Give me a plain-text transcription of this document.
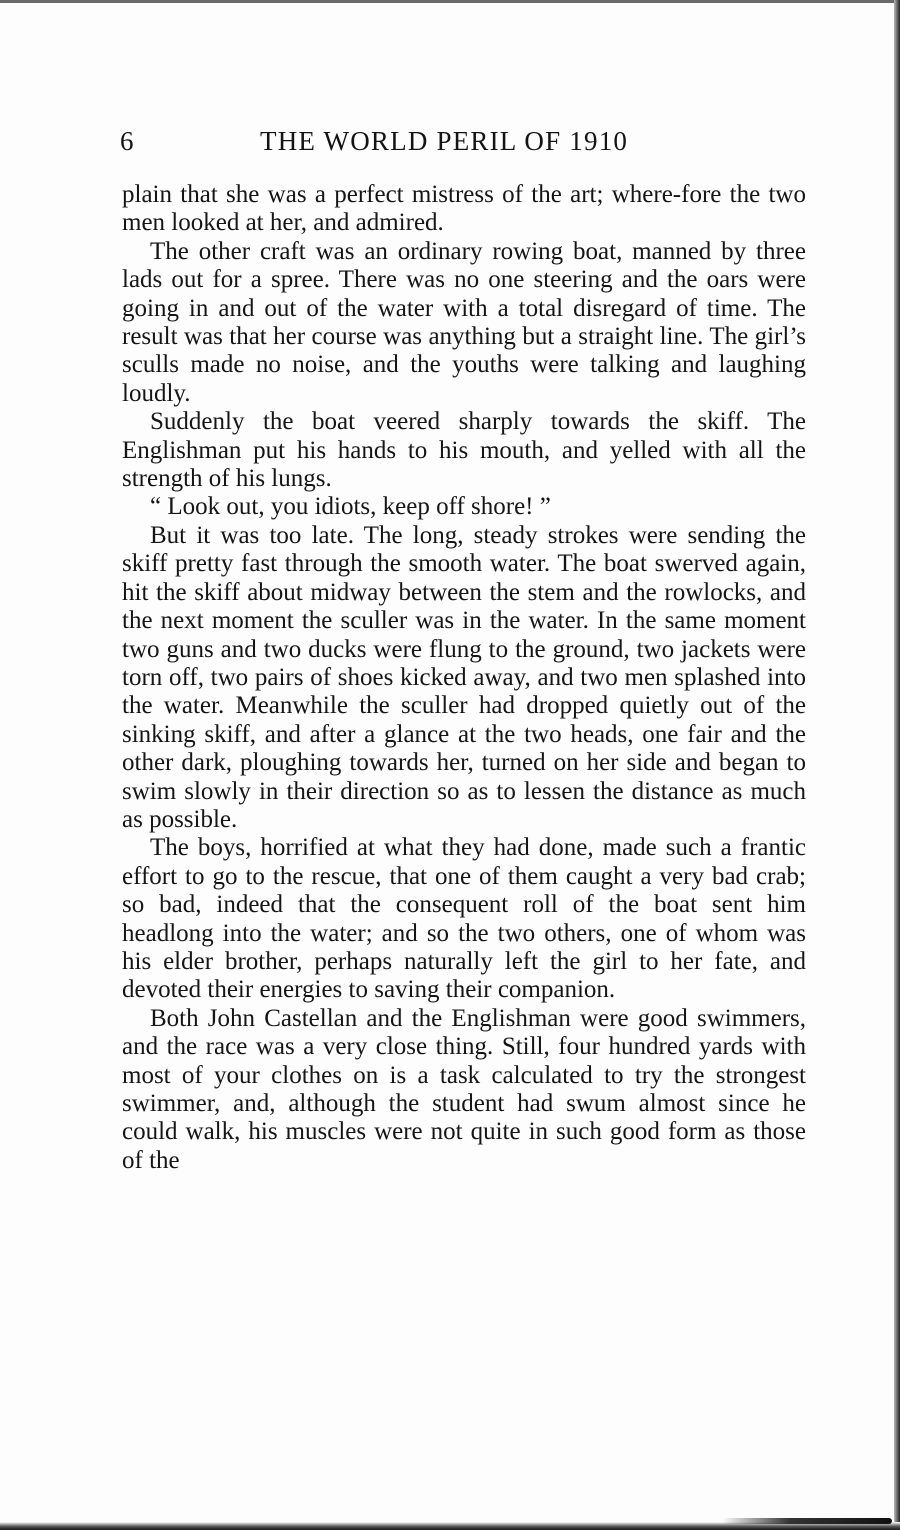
6	THE WORLD PERIL OF 1910

plain that she was a perfect mistress of the art; where-fore the two men looked at her, and admired.

The other craft was an ordinary rowing boat, manned by three lads out for a spree. There was no one steering and the oars were going in and out of the water with a total disregard of time. The result was that her course was anything but a straight line. The girl’s sculls made no noise, and the youths were talking and laughing loudly.

Suddenly the boat veered sharply towards the skiff. The Englishman put his hands to his mouth, and yelled with all the strength of his lungs.

“ Look out, you idiots, keep off shore! ”

But it was too late. The long, steady strokes were sending the skiff pretty fast through the smooth water. The boat swerved again, hit the skiff about midway between the stem and the rowlocks, and the next moment the sculler was in the water. In the same moment two guns and two ducks were flung to the ground, two jackets were torn off, two pairs of shoes kicked away, and two men splashed into the water. Meanwhile the sculler had dropped quietly out of the sinking skiff, and after a glance at the two heads, one fair and the other dark, ploughing towards her, turned on her side and began to swim slowly in their direction so as to lessen the distance as much as possible.

The boys, horrified at what they had done, made such a frantic effort to go to the rescue, that one of them caught a very bad crab; so bad, indeed that the consequent roll of the boat sent him headlong into the water; and so the two others, one of whom was his elder brother, perhaps naturally left the girl to her fate, and devoted their energies to saving their companion.

Both John Castellan and the Englishman were good swimmers, and the race was a very close thing. Still, four hundred yards with most of your clothes on is a task calculated to try the strongest swimmer, and, although the student had swum almost since he could walk, his muscles were not quite in such good form as those of the
